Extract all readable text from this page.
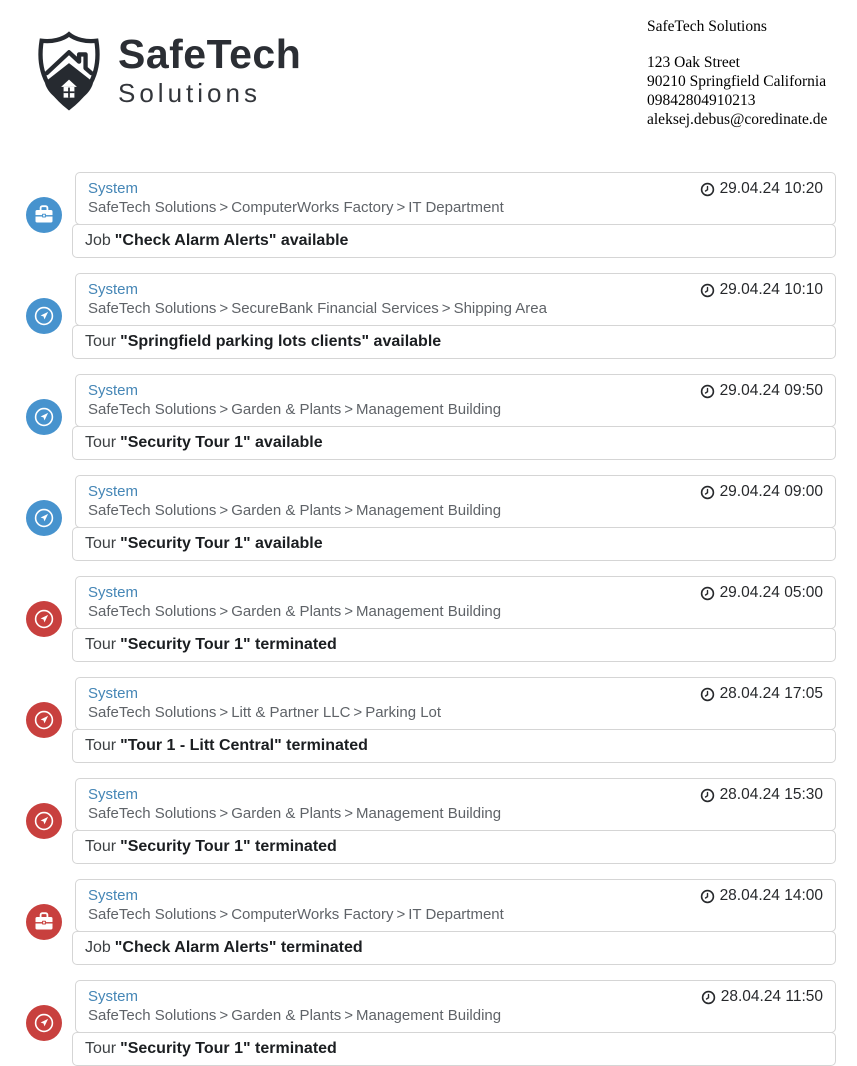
SafeTech
Solutions
SafeTech Solutions
123 Oak Street
90210 Springfield California
09842804910213
aleksej.debus@coredinate.de
System
SafeTech Solutions > ComputerWorks Factory > IT Department
29.04.24 10:20
Job "Check Alarm Alerts" available
System
SafeTech Solutions > SecureBank Financial Services > Shipping Area
29.04.24 10:10
Tour "Springfield parking lots clients" available
System
SafeTech Solutions > Garden & Plants > Management Building
29.04.24 09:50
Tour "Security Tour 1" available
System
SafeTech Solutions > Garden & Plants > Management Building
29.04.24 09:00
Tour "Security Tour 1" available
System
SafeTech Solutions > Garden & Plants > Management Building
29.04.24 05:00
Tour "Security Tour 1" terminated
System
SafeTech Solutions > Litt & Partner LLC > Parking Lot
28.04.24 17:05
Tour "Tour 1 - Litt Central" terminated
System
SafeTech Solutions > Garden & Plants > Management Building
28.04.24 15:30
Tour "Security Tour 1" terminated
System
SafeTech Solutions > ComputerWorks Factory > IT Department
28.04.24 14:00
Job "Check Alarm Alerts" terminated
System
SafeTech Solutions > Garden & Plants > Management Building
28.04.24 11:50
Tour "Security Tour 1" terminated
